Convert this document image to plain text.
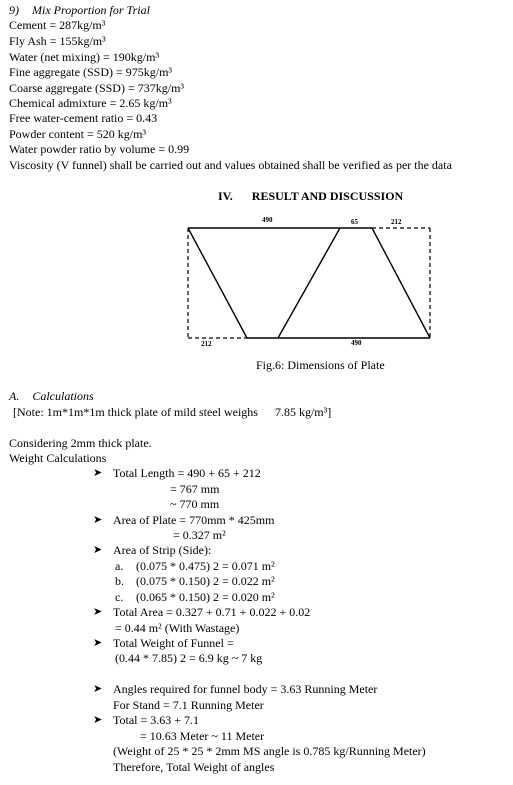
9) Mix Proportion for Trial
Cement = 287kg/m³
Fly Ash = 155kg/m³
Water (net mixing) = 190kg/m³
Fine aggregate (SSD) = 975kg/m³
Coarse aggregate (SSD) = 737kg/m³
Chemical admixture = 2.65 kg/m³
Free water-cement ratio = 0.43
Powder content = 520 kg/m³
Water powder ratio by volume = 0.99
Viscosity (V funnel) shall be carried out and values obtained shall be verified as per the data
IV. RESULT AND DISCUSSION
490	65	212
212	490
Fig.6: Dimensions of Plate
A. Calculations
[Note: 1m*1m*1m thick plate of mild steel weighs 7.85 kg/m³]
Considering 2mm thick plate.
Weight Calculations
➤ Total Length = 490 + 65 + 212
= 767 mm
~ 770 mm
➤ Area of Plate = 770mm * 425mm
= 0.327 m²
➤ Area of Strip (Side):
a. (0.075 * 0.475) 2 = 0.071 m²
b. (0.075 * 0.150) 2 = 0.022 m²
c. (0.065 * 0.150) 2 = 0.020 m²
➤ Total Area = 0.327 + 0.71 + 0.022 + 0.02
= 0.44 m² (With Wastage)
➤ Total Weight of Funnel =
(0.44 * 7.85) 2 = 6.9 kg ~ 7 kg
➤ Angles required for funnel body = 3.63 Running Meter
For Stand = 7.1 Running Meter
➤ Total = 3.63 + 7.1
= 10.63 Meter ~ 11 Meter
(Weight of 25 * 25 * 2mm MS angle is 0.785 kg/Running Meter)
Therefore, Total Weight of angles
